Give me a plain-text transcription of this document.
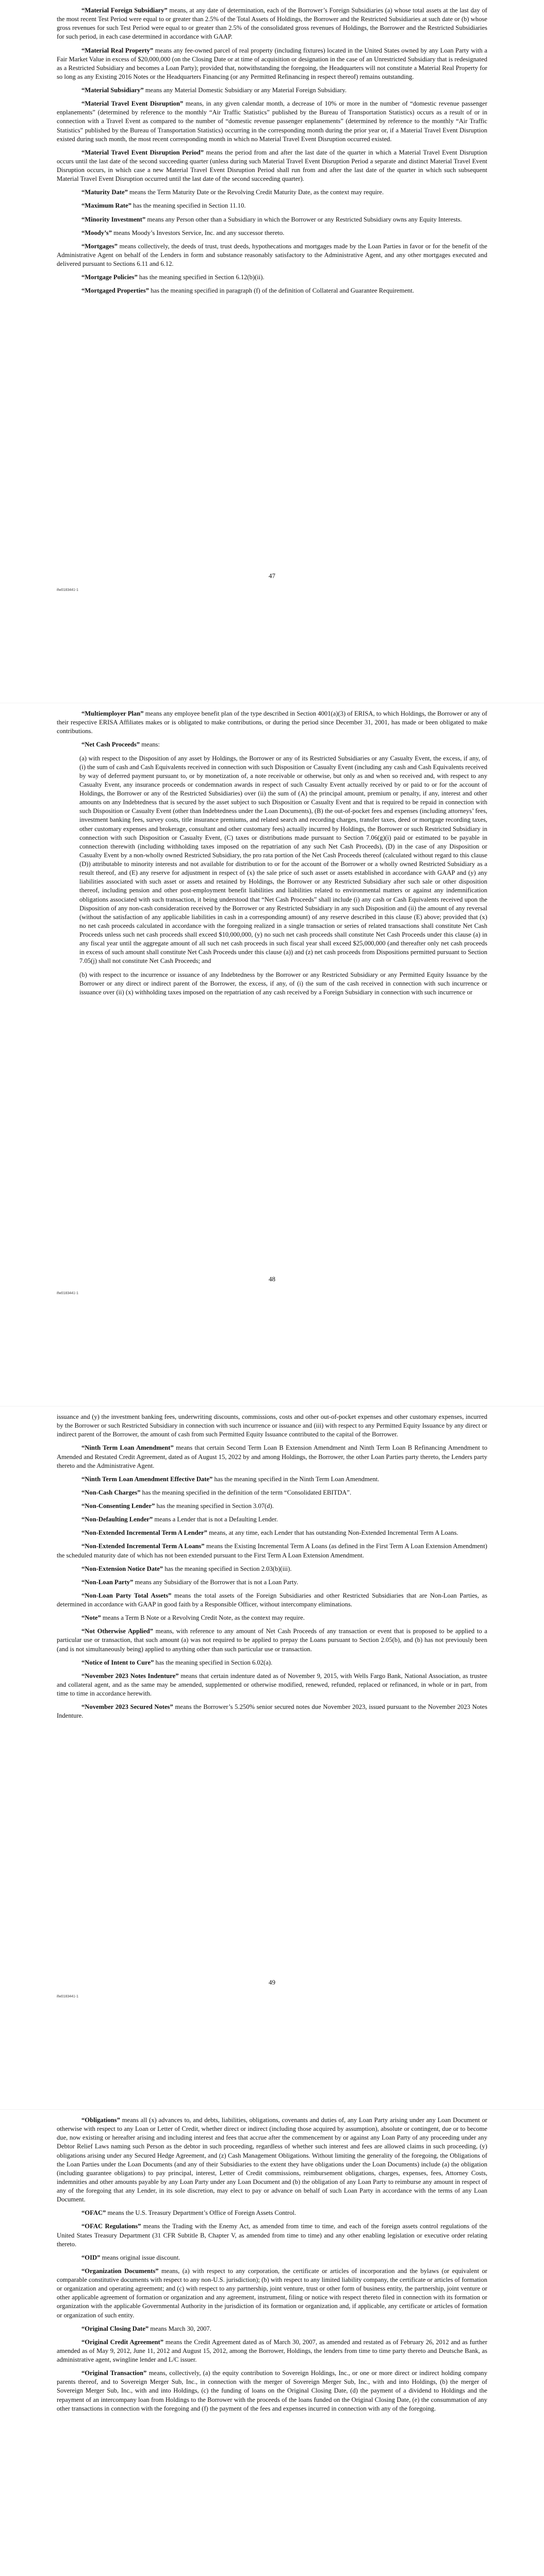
“Material Foreign Subsidiary” means, at any date of determination, each of the Borrower’s Foreign Subsidiaries (a) whose total assets at the last day of the most recent Test Period were equal to or greater than 2.5% of the Total Assets of Holdings, the Borrower and the Restricted Subsidiaries at such date or (b) whose gross revenues for such Test Period were equal to or greater than 2.5% of the consolidated gross revenues of Holdings, the Borrower and the Restricted Subsidiaries for such period, in each case determined in accordance with GAAP.

“Material Real Property” means any fee-owned parcel of real property (including fixtures) located in the United States owned by any Loan Party with a Fair Market Value in excess of $20,000,000 (on the Closing Date or at time of acquisition or designation in the case of an Unrestricted Subsidiary that is redesignated as a Restricted Subsidiary and becomes a Loan Party); provided that, notwithstanding the foregoing, the Headquarters will not constitute a Material Real Property for so long as any Existing 2016 Notes or the Headquarters Financing (or any Permitted Refinancing in respect thereof) remains outstanding.

“Material Subsidiary” means any Material Domestic Subsidiary or any Material Foreign Subsidiary.

“Material Travel Event Disruption” means, in any given calendar month, a decrease of 10% or more in the number of “domestic revenue passenger enplanements” (determined by reference to the monthly “Air Traffic Statistics” published by the Bureau of Transportation Statistics) occurs as a result of or in connection with a Travel Event as compared to the number of “domestic revenue passenger enplanements” (determined by reference to the monthly “Air Traffic Statistics” published by the Bureau of Transportation Statistics) occurring in the corresponding month during the prior year or, if a Material Travel Event Disruption existed during such month, the most recent corresponding month in which no Material Travel Event Disruption occurred existed.

“Material Travel Event Disruption Period” means the period from and after the last date of the quarter in which a Material Travel Event Disruption occurs until the last date of the second succeeding quarter (unless during such Material Travel Event Disruption Period a separate and distinct Material Travel Event Disruption occurs, in which case a new Material Travel Event Disruption Period shall run from and after the last date of the quarter in which such subsequent Material Travel Event Disruption occurred until the last date of the second succeeding quarter).

“Maturity Date” means the Term Maturity Date or the Revolving Credit Maturity Date, as the context may require.

“Maximum Rate” has the meaning specified in Section 11.10.

“Minority Investment” means any Person other than a Subsidiary in which the Borrower or any Restricted Subsidiary owns any Equity Interests.

“Moody’s” means Moody’s Investors Service, Inc. and any successor thereto.

“Mortgages” means collectively, the deeds of trust, trust deeds, hypothecations and mortgages made by the Loan Parties in favor or for the benefit of the Administrative Agent on behalf of the Lenders in form and substance reasonably satisfactory to the Administrative Agent, and any other mortgages executed and delivered pursuant to Sections 6.11 and 6.12.

“Mortgage Policies” has the meaning specified in Section 6.12(b)(ii).

“Mortgaged Properties” has the meaning specified in paragraph (f) of the definition of Collateral and Guarantee Requirement.

47
ifw0183441-1

“Multiemployer Plan” means any employee benefit plan of the type described in Section 4001(a)(3) of ERISA, to which Holdings, the Borrower or any of their respective ERISA Affiliates makes or is obligated to make contributions, or during the period since December 31, 2001, has made or been obligated to make contributions.

“Net Cash Proceeds” means:

(a) with respect to the Disposition of any asset by Holdings, the Borrower or any of its Restricted Subsidiaries or any Casualty Event, the excess, if any, of (i) the sum of cash and Cash Equivalents received in connection with such Disposition or Casualty Event (including any cash and Cash Equivalents received by way of deferred payment pursuant to, or by monetization of, a note receivable or otherwise, but only as and when so received and, with respect to any Casualty Event, any insurance proceeds or condemnation awards in respect of such Casualty Event actually received by or paid to or for the account of Holdings, the Borrower or any of the Restricted Subsidiaries) over (ii) the sum of (A) the principal amount, premium or penalty, if any, interest and other amounts on any Indebtedness that is secured by the asset subject to such Disposition or Casualty Event and that is required to be repaid in connection with such Disposition or Casualty Event (other than Indebtedness under the Loan Documents), (B) the out-of-pocket fees and expenses (including attorneys’ fees, investment banking fees, survey costs, title insurance premiums, and related search and recording charges, transfer taxes, deed or mortgage recording taxes, other customary expenses and brokerage, consultant and other customary fees) actually incurred by Holdings, the Borrower or such Restricted Subsidiary in connection with such Disposition or Casualty Event, (C) taxes or distributions made pursuant to Section 7.06(g)(i) paid or estimated to be payable in connection therewith (including withholding taxes imposed on the repatriation of any such Net Cash Proceeds), (D) in the case of any Disposition or Casualty Event by a non-wholly owned Restricted Subsidiary, the pro rata portion of the Net Cash Proceeds thereof (calculated without regard to this clause (D)) attributable to minority interests and not available for distribution to or for the account of the Borrower or a wholly owned Restricted Subsidiary as a result thereof, and (E) any reserve for adjustment in respect of (x) the sale price of such asset or assets established in accordance with GAAP and (y) any liabilities associated with such asset or assets and retained by Holdings, the Borrower or any Restricted Subsidiary after such sale or other disposition thereof, including pension and other post-employment benefit liabilities and liabilities related to environmental matters or against any indemnification obligations associated with such transaction, it being understood that “Net Cash Proceeds” shall include (i) any cash or Cash Equivalents received upon the Disposition of any non-cash consideration received by the Borrower or any Restricted Subsidiary in any such Disposition and (ii) the amount of any reversal (without the satisfaction of any applicable liabilities in cash in a corresponding amount) of any reserve described in this clause (E) above; provided that (x) no net cash proceeds calculated in accordance with the foregoing realized in a single transaction or series of related transactions shall constitute Net Cash Proceeds unless such net cash proceeds shall exceed $10,000,000, (y) no such net cash proceeds shall constitute Net Cash Proceeds under this clause (a) in any fiscal year until the aggregate amount of all such net cash proceeds in such fiscal year shall exceed $25,000,000 (and thereafter only net cash proceeds in excess of such amount shall constitute Net Cash Proceeds under this clause (a)) and (z) net cash proceeds from Dispositions permitted pursuant to Section 7.05(j) shall not constitute Net Cash Proceeds; and

(b) with respect to the incurrence or issuance of any Indebtedness by the Borrower or any Restricted Subsidiary or any Permitted Equity Issuance by the Borrower or any direct or indirect parent of the Borrower, the excess, if any, of (i) the sum of the cash received in connection with such incurrence or issuance over (ii) (x) withholding taxes imposed on the repatriation of any cash received by a Foreign Subsidiary in connection with such incurrence or

48
ifw0183441-1

issuance and (y) the investment banking fees, underwriting discounts, commissions, costs and other out-of-pocket expenses and other customary expenses, incurred by the Borrower or such Restricted Subsidiary in connection with such incurrence or issuance and (iii) with respect to any Permitted Equity Issuance by any direct or indirect parent of the Borrower, the amount of cash from such Permitted Equity Issuance contributed to the capital of the Borrower.

“Ninth Term Loan Amendment” means that certain Second Term Loan B Extension Amendment and Ninth Term Loan B Refinancing Amendment to Amended and Restated Credit Agreement, dated as of August 15, 2022 by and among Holdings, the Borrower, the other Loan Parties party thereto, the Lenders party thereto and the Administrative Agent.

“Ninth Term Loan Amendment Effective Date” has the meaning specified in the Ninth Term Loan Amendment.

“Non-Cash Charges” has the meaning specified in the definition of the term “Consolidated EBITDA”.

“Non-Consenting Lender” has the meaning specified in Section 3.07(d).

“Non-Defaulting Lender” means a Lender that is not a Defaulting Lender.

“Non-Extended Incremental Term A Lender” means, at any time, each Lender that has outstanding Non-Extended Incremental Term A Loans.

“Non-Extended Incremental Term A Loans” means the Existing Incremental Term A Loans (as defined in the First Term A Loan Extension Amendment) the scheduled maturity date of which has not been extended pursuant to the First Term A Loan Extension Amendment.

“Non-Extension Notice Date” has the meaning specified in Section 2.03(b)(iii).

“Non-Loan Party” means any Subsidiary of the Borrower that is not a Loan Party.

“Non-Loan Party Total Assets” means the total assets of the Foreign Subsidiaries and other Restricted Subsidiaries that are Non-Loan Parties, as determined in accordance with GAAP in good faith by a Responsible Officer, without intercompany eliminations.

“Note” means a Term B Note or a Revolving Credit Note, as the context may require.

“Not Otherwise Applied” means, with reference to any amount of Net Cash Proceeds of any transaction or event that is proposed to be applied to a particular use or transaction, that such amount (a) was not required to be applied to prepay the Loans pursuant to Section 2.05(b), and (b) has not previously been (and is not simultaneously being) applied to anything other than such particular use or transaction.

“Notice of Intent to Cure” has the meaning specified in Section 6.02(a).

“November 2023 Notes Indenture” means that certain indenture dated as of November 9, 2015, with Wells Fargo Bank, National Association, as trustee and collateral agent, and as the same may be amended, supplemented or otherwise modified, renewed, refunded, replaced or refinanced, in whole or in part, from time to time in accordance herewith.

“November 2023 Secured Notes” means the Borrower’s 5.250% senior secured notes due November 2023, issued pursuant to the November 2023 Notes Indenture.

49
ifw0183441-1

“Obligations” means all (x) advances to, and debts, liabilities, obligations, covenants and duties of, any Loan Party arising under any Loan Document or otherwise with respect to any Loan or Letter of Credit, whether direct or indirect (including those acquired by assumption), absolute or contingent, due or to become due, now existing or hereafter arising and including interest and fees that accrue after the commencement by or against any Loan Party of any proceeding under any Debtor Relief Laws naming such Person as the debtor in such proceeding, regardless of whether such interest and fees are allowed claims in such proceeding, (y) obligations arising under any Secured Hedge Agreement, and (z) Cash Management Obligations. Without limiting the generality of the foregoing, the Obligations of the Loan Parties under the Loan Documents (and any of their Subsidiaries to the extent they have obligations under the Loan Documents) include (a) the obligation (including guarantee obligations) to pay principal, interest, Letter of Credit commissions, reimbursement obligations, charges, expenses, fees, Attorney Costs, indemnities and other amounts payable by any Loan Party under any Loan Document and (b) the obligation of any Loan Party to reimburse any amount in respect of any of the foregoing that any Lender, in its sole discretion, may elect to pay or advance on behalf of such Loan Party in accordance with the terms of any Loan Document.

“OFAC” means the U.S. Treasury Department’s Office of Foreign Assets Control.

“OFAC Regulations” means the Trading with the Enemy Act, as amended from time to time, and each of the foreign assets control regulations of the United States Treasury Department (31 CFR Subtitle B, Chapter V, as amended from time to time) and any other enabling legislation or executive order relating thereto.

“OID” means original issue discount.

“Organization Documents” means, (a) with respect to any corporation, the certificate or articles of incorporation and the bylaws (or equivalent or comparable constitutive documents with respect to any non-U.S. jurisdiction); (b) with respect to any limited liability company, the certificate or articles of formation or organization and operating agreement; and (c) with respect to any partnership, joint venture, trust or other form of business entity, the partnership, joint venture or other applicable agreement of formation or organization and any agreement, instrument, filing or notice with respect thereto filed in connection with its formation or organization with the applicable Governmental Authority in the jurisdiction of its formation or organization and, if applicable, any certificate or articles of formation or organization of such entity.

“Original Closing Date” means March 30, 2007.

“Original Credit Agreement” means the Credit Agreement dated as of March 30, 2007, as amended and restated as of February 26, 2012 and as further amended as of May 9, 2012, June 11, 2012 and August 15, 2012, among the Borrower, Holdings, the lenders from time to time party thereto and Deutsche Bank, as administrative agent, swingline lender and L/C issuer.

“Original Transaction” means, collectively, (a) the equity contribution to Sovereign Holdings, Inc., or one or more direct or indirect holding company parents thereof, and to Sovereign Merger Sub, Inc., in connection with the merger of Sovereign Merger Sub, Inc., with and into Holdings, (b) the merger of Sovereign Merger Sub, Inc., with and into Holdings, (c) the funding of loans on the Original Closing Date, (d) the payment of a dividend to Holdings and the repayment of an intercompany loan from Holdings to the Borrower with the proceeds of the loans funded on the Original Closing Date, (e) the consummation of any other transactions in connection with the foregoing and (f) the payment of the fees and expenses incurred in connection with any of the foregoing.
